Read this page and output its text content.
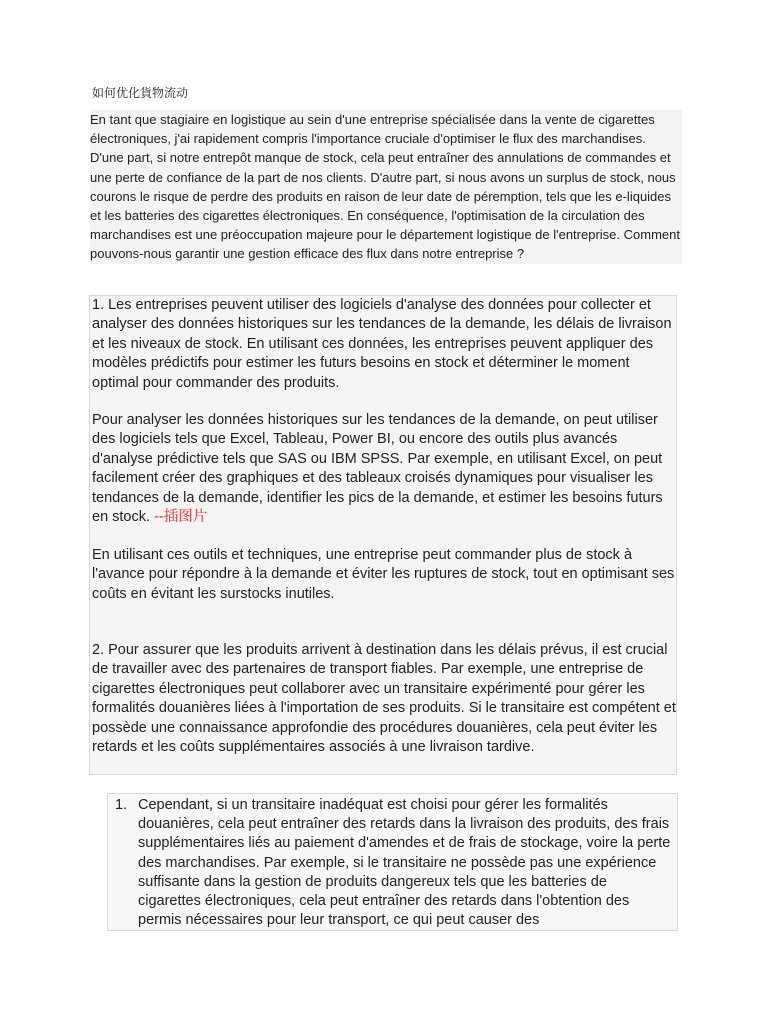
如何优化貨物流动

En tant que stagiaire en logistique au sein d'une entreprise spécialisée dans la vente de cigarettes électroniques, j'ai rapidement compris l'importance cruciale d'optimiser le flux des marchandises. D'une part, si notre entrepôt manque de stock, cela peut entraîner des annulations de commandes et une perte de confiance de la part de nos clients. D'autre part, si nous avons un surplus de stock, nous courons le risque de perdre des produits en raison de leur date de péremption, tels que les e-liquides et les batteries des cigarettes électroniques. En conséquence, l'optimisation de la circulation des marchandises est une préoccupation majeure pour le département logistique de l'entreprise. Comment pouvons-nous garantir une gestion efficace des flux dans notre entreprise ?

1. Les entreprises peuvent utiliser des logiciels d'analyse des données pour collecter et analyser des données historiques sur les tendances de la demande, les délais de livraison et les niveaux de stock. En utilisant ces données, les entreprises peuvent appliquer des modèles prédictifs pour estimer les futurs besoins en stock et déterminer le moment optimal pour commander des produits.

Pour analyser les données historiques sur les tendances de la demande, on peut utiliser des logiciels tels que Excel, Tableau, Power BI, ou encore des outils plus avancés d'analyse prédictive tels que SAS ou IBM SPSS. Par exemple, en utilisant Excel, on peut facilement créer des graphiques et des tableaux croisés dynamiques pour visualiser les tendances de la demande, identifier les pics de la demande, et estimer les besoins futurs en stock. --插图片

En utilisant ces outils et techniques, une entreprise peut commander plus de stock à l'avance pour répondre à la demande et éviter les ruptures de stock, tout en optimisant ses coûts en évitant les surstocks inutiles.

2. Pour assurer que les produits arrivent à destination dans les délais prévus, il est crucial de travailler avec des partenaires de transport fiables. Par exemple, une entreprise de cigarettes électroniques peut collaborer avec un transitaire expérimenté pour gérer les formalités douanières liées à l'importation de ses produits. Si le transitaire est compétent et possède une connaissance approfondie des procédures douanières, cela peut éviter les retards et les coûts supplémentaires associés à une livraison tardive.

1. Cependant, si un transitaire inadéquat est choisi pour gérer les formalités douanières, cela peut entraîner des retards dans la livraison des produits, des frais supplémentaires liés au paiement d'amendes et de frais de stockage, voire la perte des marchandises. Par exemple, si le transitaire ne possède pas une expérience suffisante dans la gestion de produits dangereux tels que les batteries de cigarettes électroniques, cela peut entraîner des retards dans l'obtention des permis nécessaires pour leur transport, ce qui peut causer des
